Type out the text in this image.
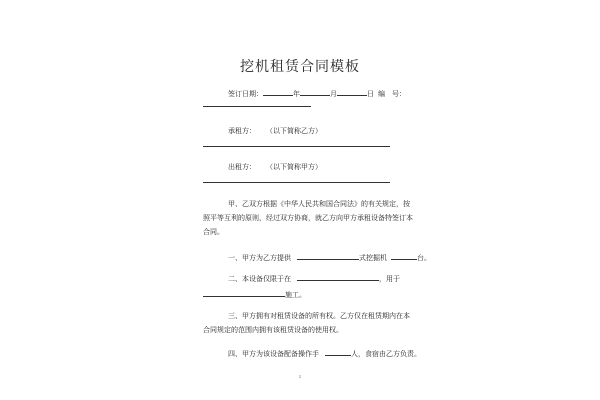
挖机租赁合同模板
签订日期：	年	月	日 编　号：
承租方： （以下简称乙方）
出租方： （以下简称甲方）
甲、乙双方根据《中华人民共和国合同法》的有关规定，按
照平等互利的原则，经过双方协商，就乙方向甲方承租设备特签订本
合同。
一、甲方为乙方提供	式挖掘机	台。
二、本设备仅限于在	，用于
施工。
三、甲方拥有对租赁设备的所有权。乙方仅在租赁期内在本
合同规定的范围内拥有该租赁设备的使用权。
四、甲方为该设备配备操作手	人，食宿由乙方负责。
1
